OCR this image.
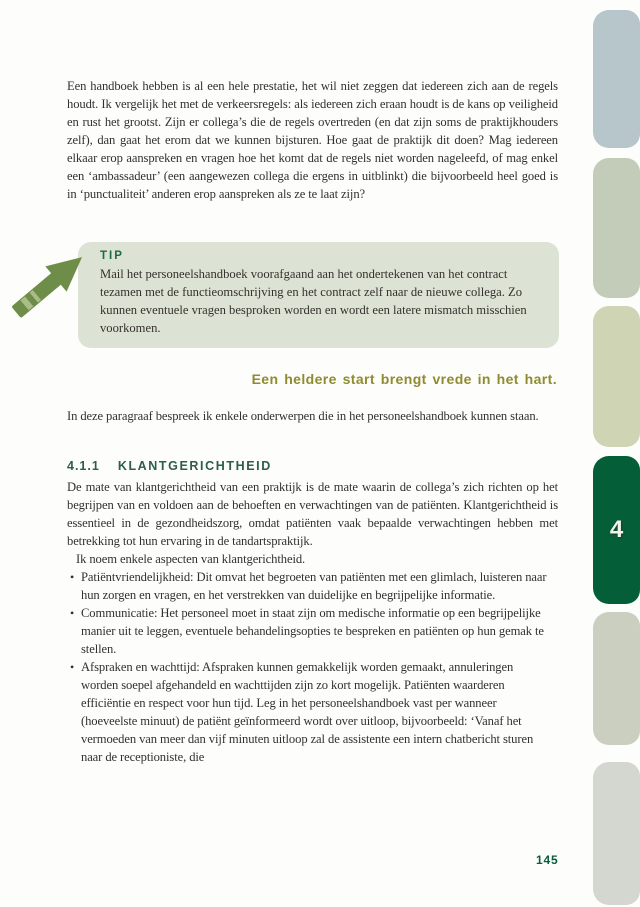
Een handboek hebben is al een hele prestatie, het wil niet zeggen dat iedereen zich aan de regels houdt. Ik vergelijk het met de verkeersregels: als iedereen zich eraan houdt is de kans op veiligheid en rust het grootst. Zijn er collega’s die de regels overtreden (en dat zijn soms de praktijkhouders zelf), dan gaat het erom dat we kunnen bijsturen. Hoe gaat de praktijk dit doen? Mag iedereen elkaar erop aanspreken en vragen hoe het komt dat de regels niet worden nageleefd, of mag enkel een ‘ambassadeur’ (een aangewezen collega die ergens in uitblinkt) die bijvoorbeeld heel goed is in ‘punctualiteit’ anderen erop aanspreken als ze te laat zijn?

TIP
Mail het personeelshandboek voorafgaand aan het ondertekenen van het contract tezamen met de functieomschrijving en het contract zelf naar de nieuwe collega. Zo kunnen eventuele vragen besproken worden en wordt een latere mismatch misschien voorkomen.
Een heldere start brengt vrede in het hart.

In deze paragraaf bespreek ik enkele onderwerpen die in het personeelshandboek kunnen staan.

4.1.1 KLANTGERICHTHEID

De mate van klantgerichtheid van een praktijk is de mate waarin de collega’s zich richten op het begrijpen van en voldoen aan de behoeften en verwachtingen van de patiënten. Klantgerichtheid is essentieel in de gezondheidszorg, omdat patiënten vaak bepaalde verwachtingen hebben met betrekking tot hun ervaring in de tandartspraktijk.

Ik noem enkele aspecten van klantgerichtheid.

• Patiëntvriendelijkheid: Dit omvat het begroeten van patiënten met een glimlach, luisteren naar hun zorgen en vragen, en het verstrekken van duidelijke en begrijpelijke informatie.
• Communicatie: Het personeel moet in staat zijn om medische informatie op een begrijpelijke manier uit te leggen, eventuele behandelingsopties te bespreken en patiënten op hun gemak te stellen.
• Afspraken en wachttijd: Afspraken kunnen gemakkelijk worden gemaakt, annuleringen worden soepel afgehandeld en wachttijden zijn zo kort mogelijk. Patiënten waarderen efficiëntie en respect voor hun tijd. Leg in het personeelshandboek vast per wanneer (hoeveelste minuut) de patiënt geïnformeerd wordt over uitloop, bijvoorbeeld: ‘Vanaf het vermoeden van meer dan vijf minuten uitloop zal de assistente een intern chatbericht sturen naar de receptioniste, die
145
4
